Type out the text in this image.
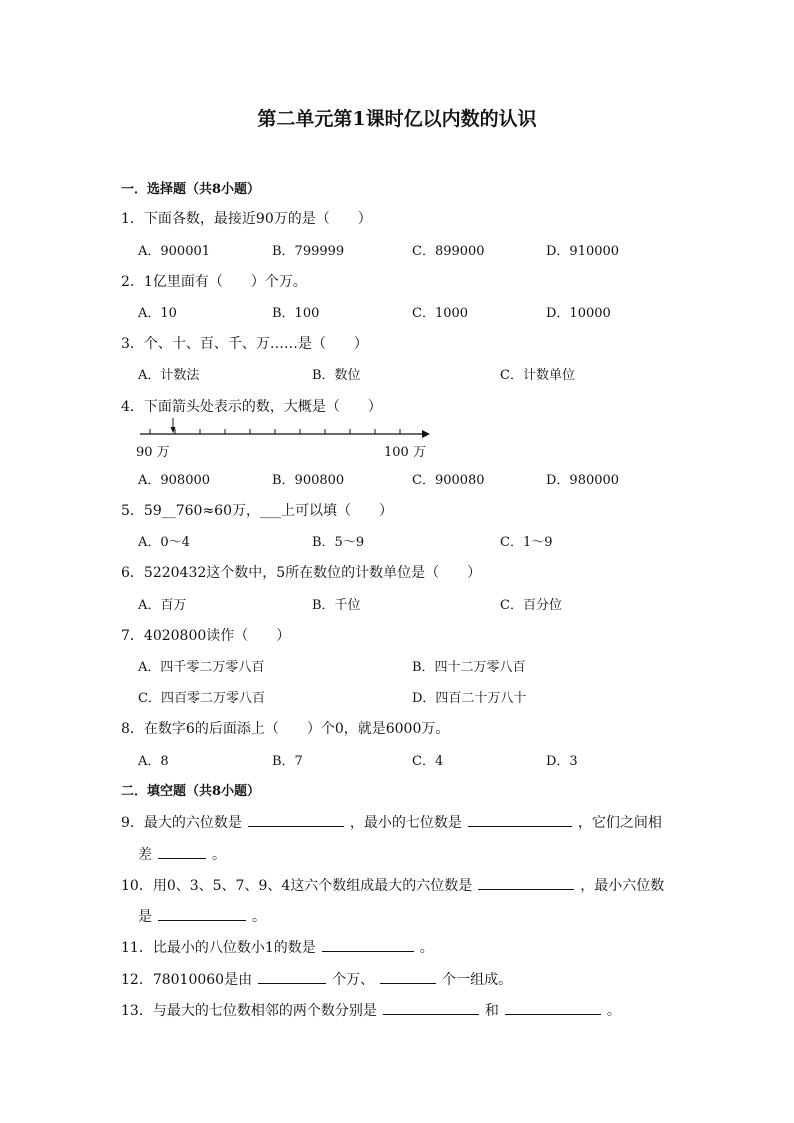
第二单元第1课时亿以内数的认识
一．选择题（共8小题）
1．下面各数，最接近90万的是（　　）
A．900001	B．799999	C．899000	D．910000
2．1亿里面有（　　）个万。
A．10	B．100	C．1000	D．10000
3．个、十、百、千、万……是（　　）
A．计数法	B．数位	C．计数单位
4．下面箭头处表示的数，大概是（　　）
90 万	100 万
A．908000	B．900800	C．900080	D．980000
5．59__760≈60万，___上可以填（　　）
A．0～4	B．5～9	C．1～9
6．5220432这个数中，5所在数位的计数单位是（　　）
A．百万	B．千位	C．百分位
7．4020800读作（　　）
A．四千零二万零八百	B．四十二万零八百
C．四百零二万零八百	D．四百二十万八十
8．在数字6的后面添上（　　）个0，就是6000万。
A．8	B．7	C．4	D．3
二．填空题（共8小题）
9．最大的六位数是	，最小的七位数是	，它们之间相
差	。
10．用0、3、5、7、9、4这六个数组成最大的六位数是	，最小六位数
是	。
11．比最小的八位数小1的数是	。
12．78010060是由	个万、	个一组成。
13．与最大的七位数相邻的两个数分别是	和	。
